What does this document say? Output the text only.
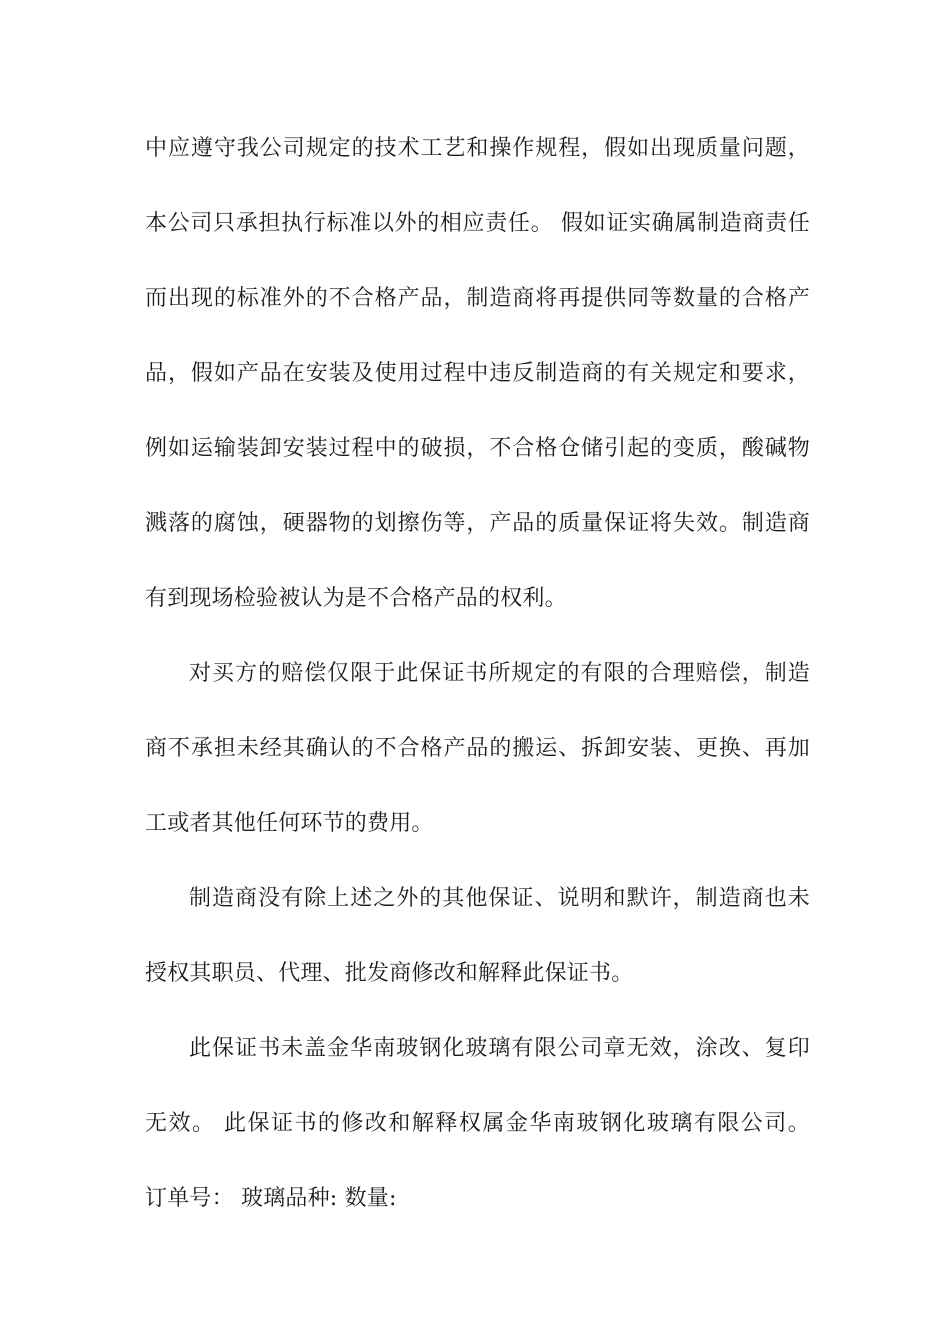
中应遵守我公司规定的技术工艺和操作规程，假如出现质量问题，
本公司只承担执行标准以外的相应责任。 假如证实确属制造商责任
而出现的标准外的不合格产品，制造商将再提供同等数量的合格产
品，假如产品在安装及使用过程中违反制造商的有关规定和要求，
例如运输装卸安装过程中的破损，不合格仓储引起的变质，酸碱物
溅落的腐蚀，硬器物的划擦伤等，产品的质量保证将失效。制造商
有到现场检验被认为是不合格产品的权利。
对买方的赔偿仅限于此保证书所规定的有限的合理赔偿，制造
商不承担未经其确认的不合格产品的搬运、拆卸安装、更换、再加
工或者其他任何环节的费用。
制造商没有除上述之外的其他保证、说明和默许，制造商也未
授权其职员、代理、批发商修改和解释此保证书。
此保证书未盖金华南玻钢化玻璃有限公司章无效，涂改、复印
无效。 此保证书的修改和解释权属金华南玻钢化玻璃有限公司。
订单号： 玻璃品种: 数量:
